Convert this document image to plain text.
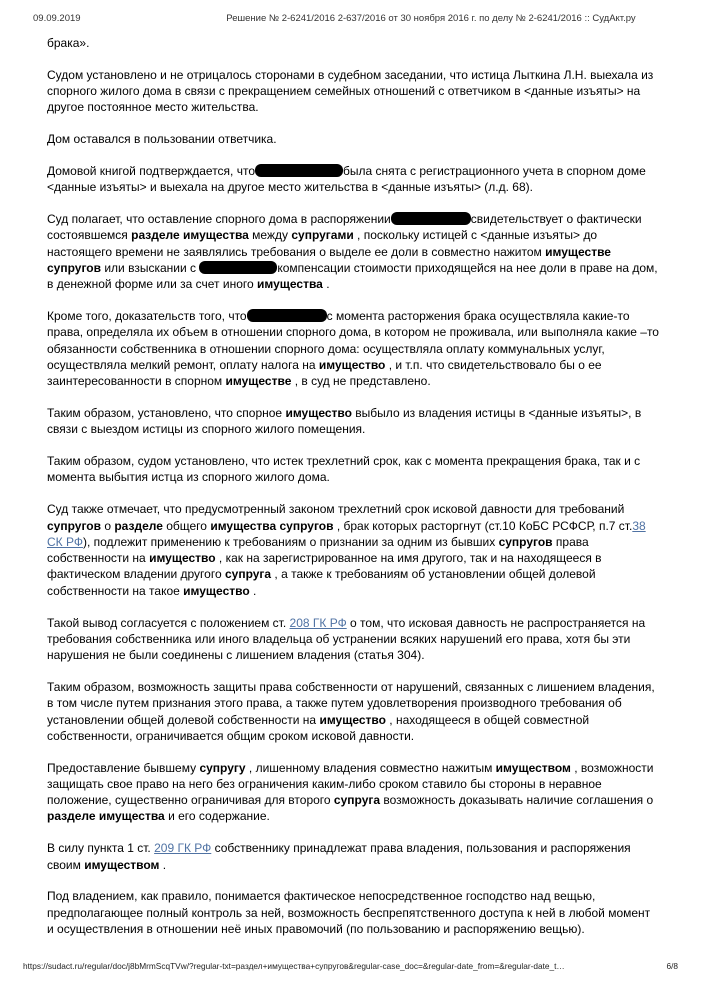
09.09.2019	Решение № 2-6241/2016 2-637/2016 от 30 ноября 2016 г. по делу № 2-6241/2016 :: СудАкт.ру

брака».

Судом установлено и не отрицалось сторонами в судебном заседании, что истица Лыткина Л.Н. выехала из спорного жилого дома в связи с прекращением семейных отношений с ответчиком в <данные изъяты> на другое постоянное место жительства.

Дом оставался в пользовании ответчика.

Домовой книгой подтверждается, что	была снята с регистрационного учета в спорном доме <данные изъяты> и выехала на другое место жительства в <данные изъяты> (л.д. 68).

Суд полагает, что оставление спорного дома в распоряжении	свидетельствует о фактически состоявшемся разделе имущества между супругами , поскольку истицей с <данные изъяты> до настоящего времени не заявлялись требования о выделе ее доли в совместно нажитом имуществе супругов или взыскании с	компенсации стоимости приходящейся на нее доли в праве на дом, в денежной форме или за счет иного имущества .

Кроме того, доказательств того, что	с момента расторжения брака осуществляла какие-то права, определяла их объем в отношении спорного дома, в котором не проживала, или выполняла какие –то обязанности собственника в отношении спорного дома: осуществляла оплату коммунальных услуг, осуществляла мелкий ремонт, оплату налога на имущество , и т.п. что свидетельствовало бы о ее заинтересованности в спорном имуществе , в суд не представлено.

Таким образом, установлено, что спорное имущество выбыло из владения истицы в <данные изъяты>, в связи с выездом истицы из спорного жилого помещения.

Таким образом, судом установлено, что истек трехлетний срок, как с момента прекращения брака, так и с момента выбытия истца из спорного жилого дома.

Суд также отмечает, что предусмотренный законом трехлетний срок исковой давности для требований супругов о разделе общего имущества супругов , брак которых расторгнут (ст.10 КоБС РСФСР, п.7 ст.38 СК РФ), подлежит применению к требованиям о признании за одним из бывших супругов права собственности на имущество , как на зарегистрированное на имя другого, так и на находящееся в фактическом владении другого супруга , а также к требованиям об установлении общей долевой собственности на такое имущество .

Такой вывод согласуется с положением ст. 208 ГК РФ о том, что исковая давность не распространяется на требования собственника или иного владельца об устранении всяких нарушений его права, хотя бы эти нарушения не были соединены с лишением владения (статья 304).

Таким образом, возможность защиты права собственности от нарушений, связанных с лишением владения, в том числе путем признания этого права, а также путем удовлетворения производного требования об установлении общей долевой собственности на имущество , находящееся в общей совместной собственности, ограничивается общим сроком исковой давности.

Предоставление бывшему супругу , лишенному владения совместно нажитым имуществом , возможности защищать свое право на него без ограничения каким-либо сроком ставило бы стороны в неравное положение, существенно ограничивая для второго супруга возможность доказывать наличие соглашения о разделе имущества и его содержание.

В силу пункта 1 ст. 209 ГК РФ собственнику принадлежат права владения, пользования и распоряжения своим имуществом .

Под владением, как правило, понимается фактическое непосредственное господство над вещью, предполагающее полный контроль за ней, возможность беспрепятственного доступа к ней в любой момент и осуществления в отношении неё иных правомочий (по пользованию и распоряжению вещью).

https://sudact.ru/regular/doc/j8bMrmScqTVw/?regular-txt=раздел+имущества+супругов&regular-case_doc=&regular-date_from=&regular-date_t…	6/8
